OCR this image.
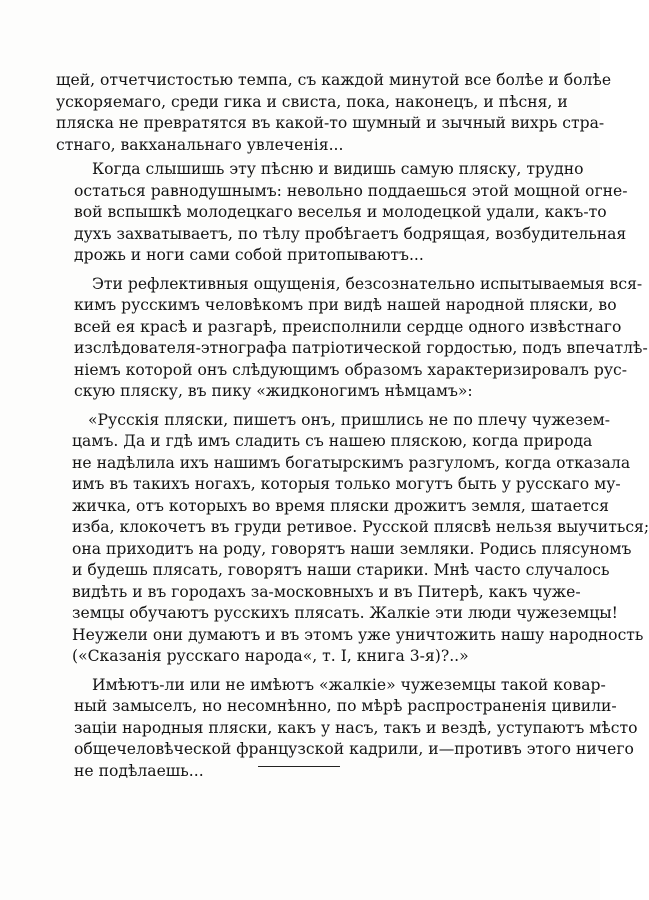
щей, отчетчистостью темпа, съ каждой минутой все болѣе и болѣе
ускоряемаго, среди гика и свиста, пока, наконецъ, и пѣсня, и
пляска не превратятся въ какой-то шумный и зычный вихрь стра-
стнаго, вакханальнаго увлеченія...
Когда слышишь эту пѣсню и видишь самую пляску, трудно
остаться равнодушнымъ: невольно поддаешься этой мощной огне-
вой вспышкѣ молодецкаго веселья и молодецкой удали, какъ-то
духъ захватываетъ, по тѣлу пробѣгаетъ бодрящая, возбудительная
дрожь и ноги сами собой притопываютъ...
Эти рефлективныя ощущенія, безсознательно испытываемыя вся-
кимъ русскимъ человѣкомъ при видѣ нашей народной пляски, во
всей ея красѣ и разгарѣ, преисполнили сердце одного извѣстнаго
изслѣдователя-этнографа патріотической гордостью, подъ впечатлѣ-
ніемъ которой онъ слѣдующимъ образомъ характеризировалъ рус-
скую пляску, въ пику «жидконогимъ нѣмцамъ»:
«Русскія пляски, пишетъ онъ, пришлись не по плечу чужезем-
цамъ. Да и гдѣ имъ сладить съ нашею пляскою, когда природа
не надѣлила ихъ нашимъ богатырскимъ разгуломъ, когда отказала
имъ въ такихъ ногахъ, которыя только могутъ быть у русскаго му-
жичка, отъ которыхъ во время пляски дрожитъ земля, шатается
изба, клокочетъ въ груди ретивое. Русской плясвѣ нельзя выучиться;
она приходитъ на роду, говорятъ наши земляки. Родись плясуномъ
и будешь плясать, говорятъ наши старики. Мнѣ часто случалось
видѣть и въ городахъ за-московныхъ и въ Питерѣ, какъ чуже-
земцы обучаютъ русскихъ плясать. Жалкіе эти люди чужеземцы!
Неужели они думаютъ и въ этомъ уже уничтожить нашу народность
(«Сказанія русскаго народа«, т. I, книга 3-я)?..»
Имѣютъ-ли или не имѣютъ «жалкіе» чужеземцы такой ковар-
ный замыселъ, но несомнѣнно, по мѣрѣ распространенія цивили-
заціи народныя пляски, какъ у насъ, такъ и вездѣ, уступаютъ мѣсто
общечеловѣческой французской кадрили, и—противъ этого ничего
не подѣлаешь...
